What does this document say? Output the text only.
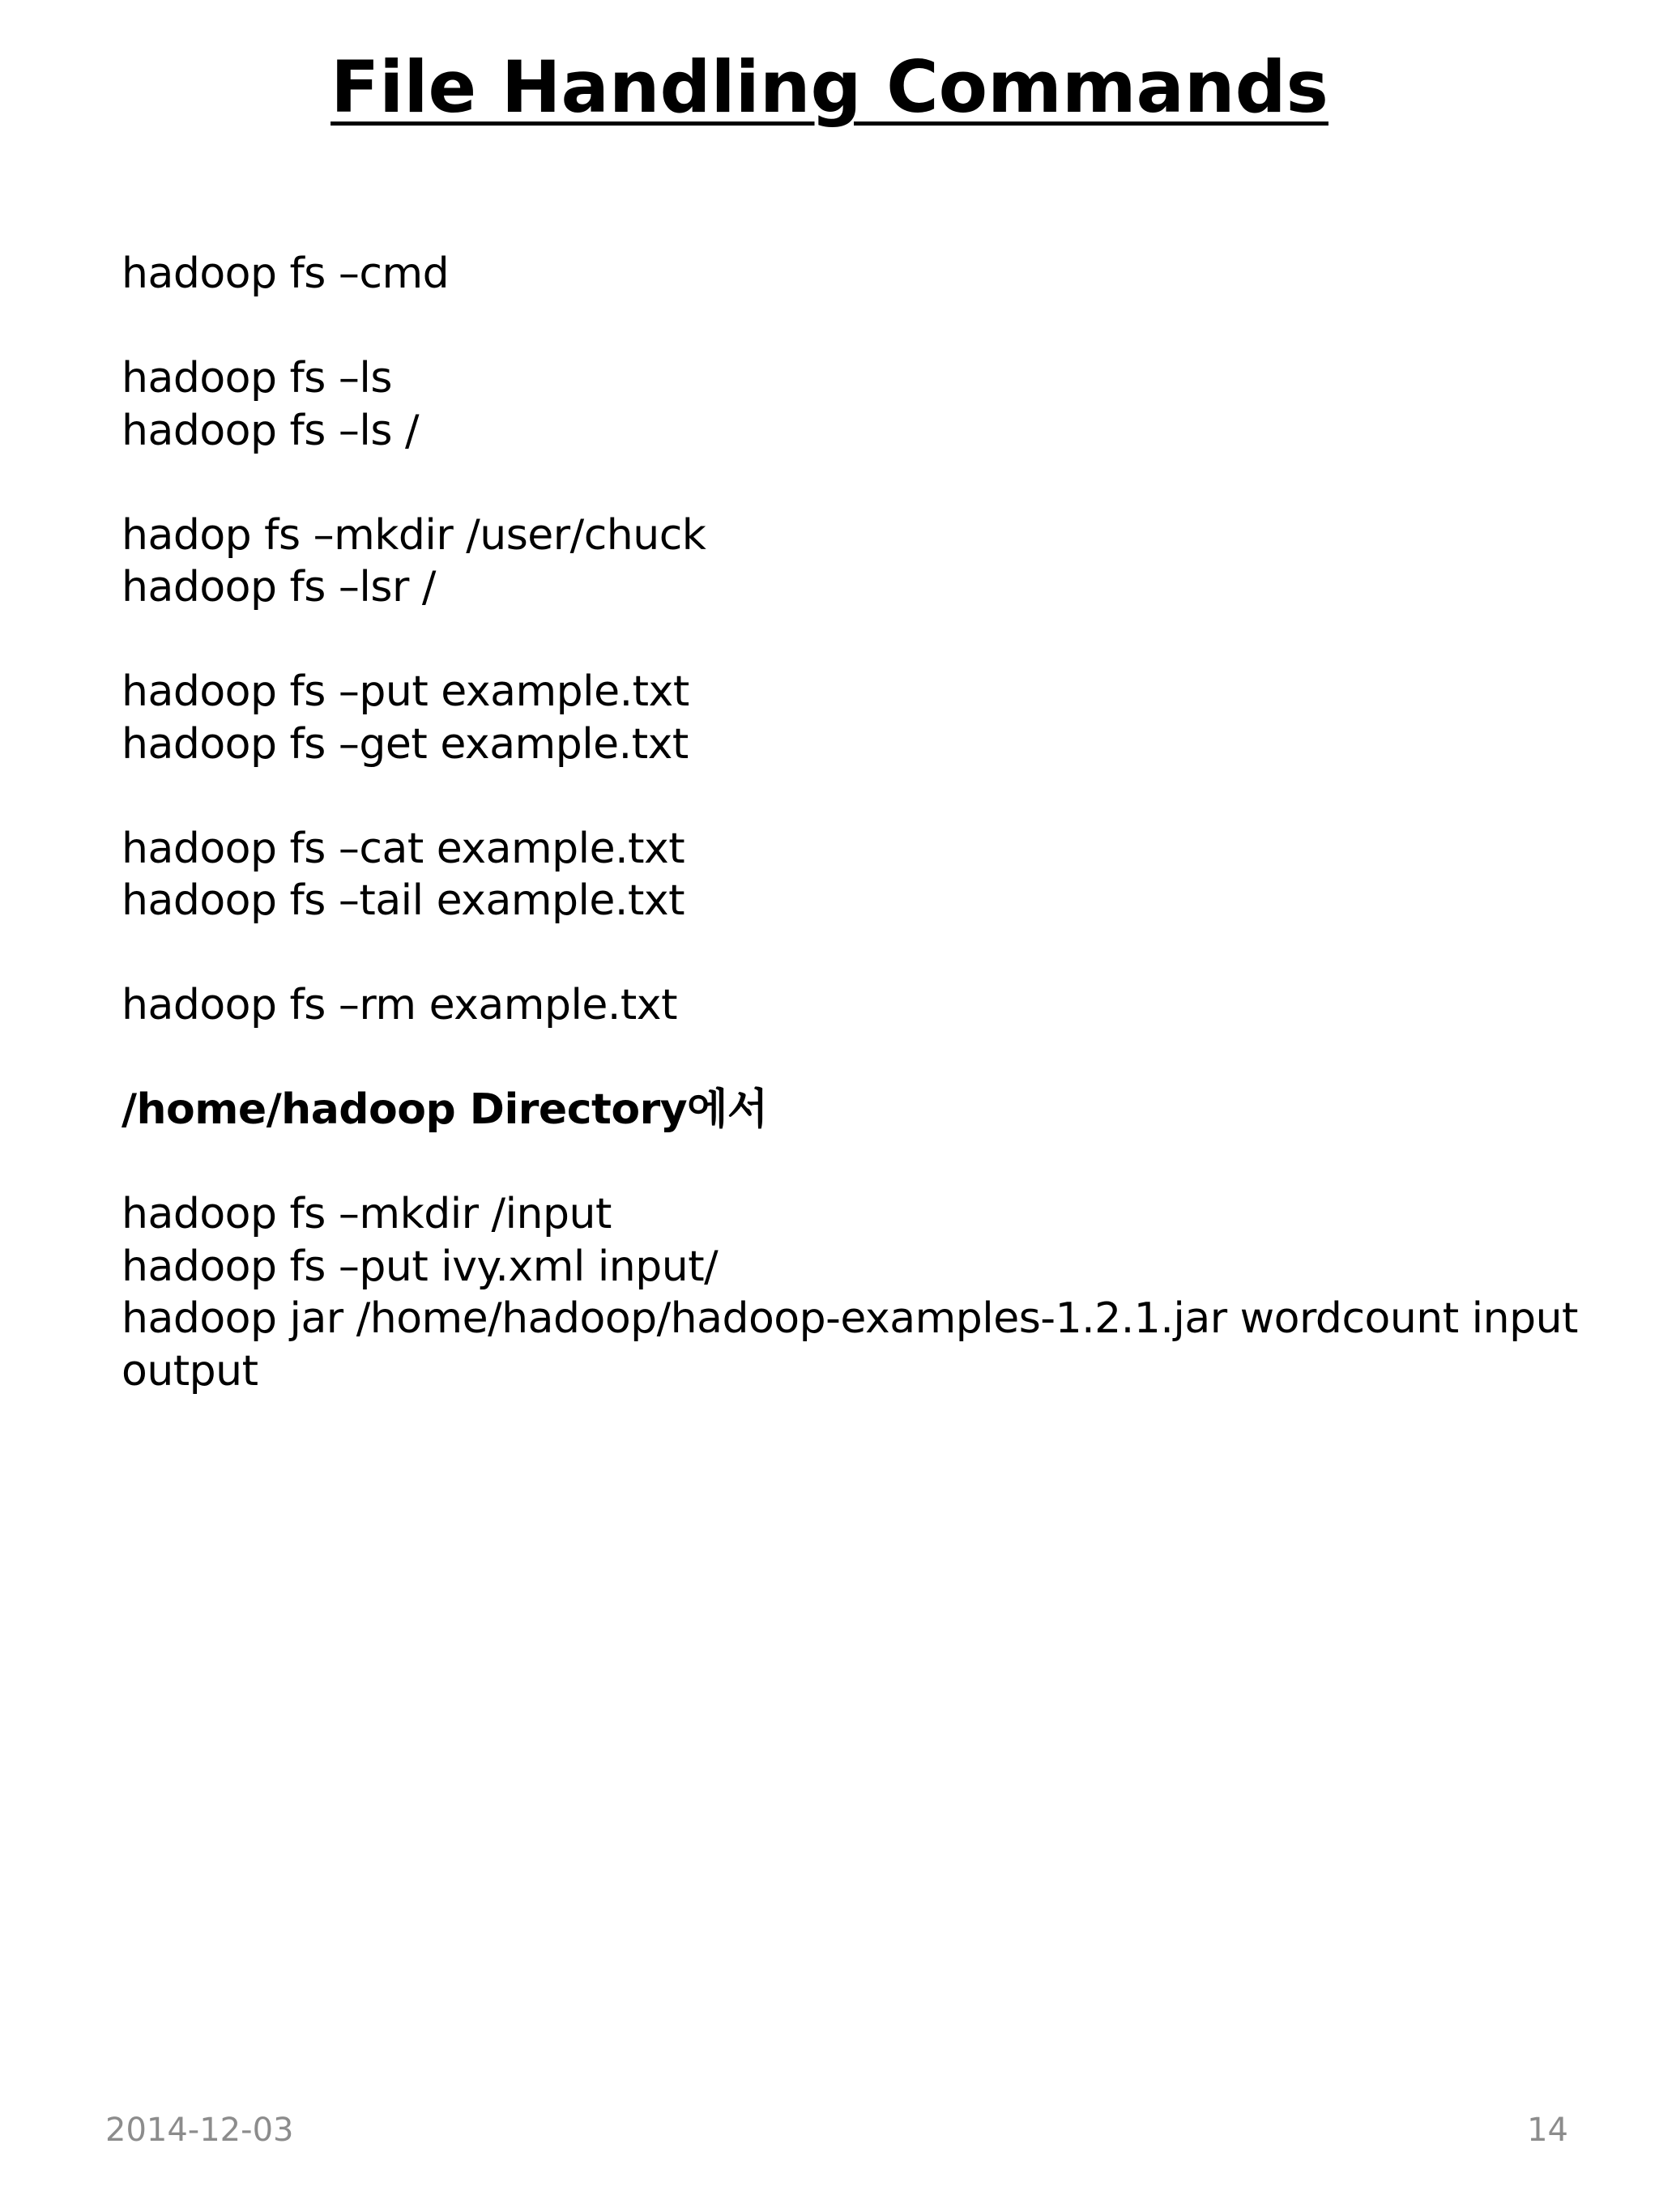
File Handling Commands
hadoop fs –cmd
hadoop fs –ls
hadoop fs –ls /
hadop fs –mkdir /user/chuck
hadoop fs –lsr /
hadoop fs –put example.txt
hadoop fs –get example.txt
hadoop fs –cat example.txt
hadoop fs –tail example.txt
hadoop fs –rm example.txt
/home/hadoop Directory에서
hadoop fs –mkdir /input
hadoop fs –put ivy.xml input/
hadoop jar /home/hadoop/hadoop-examples-1.2.1.jar wordcount input
output
2014-12-03	14
